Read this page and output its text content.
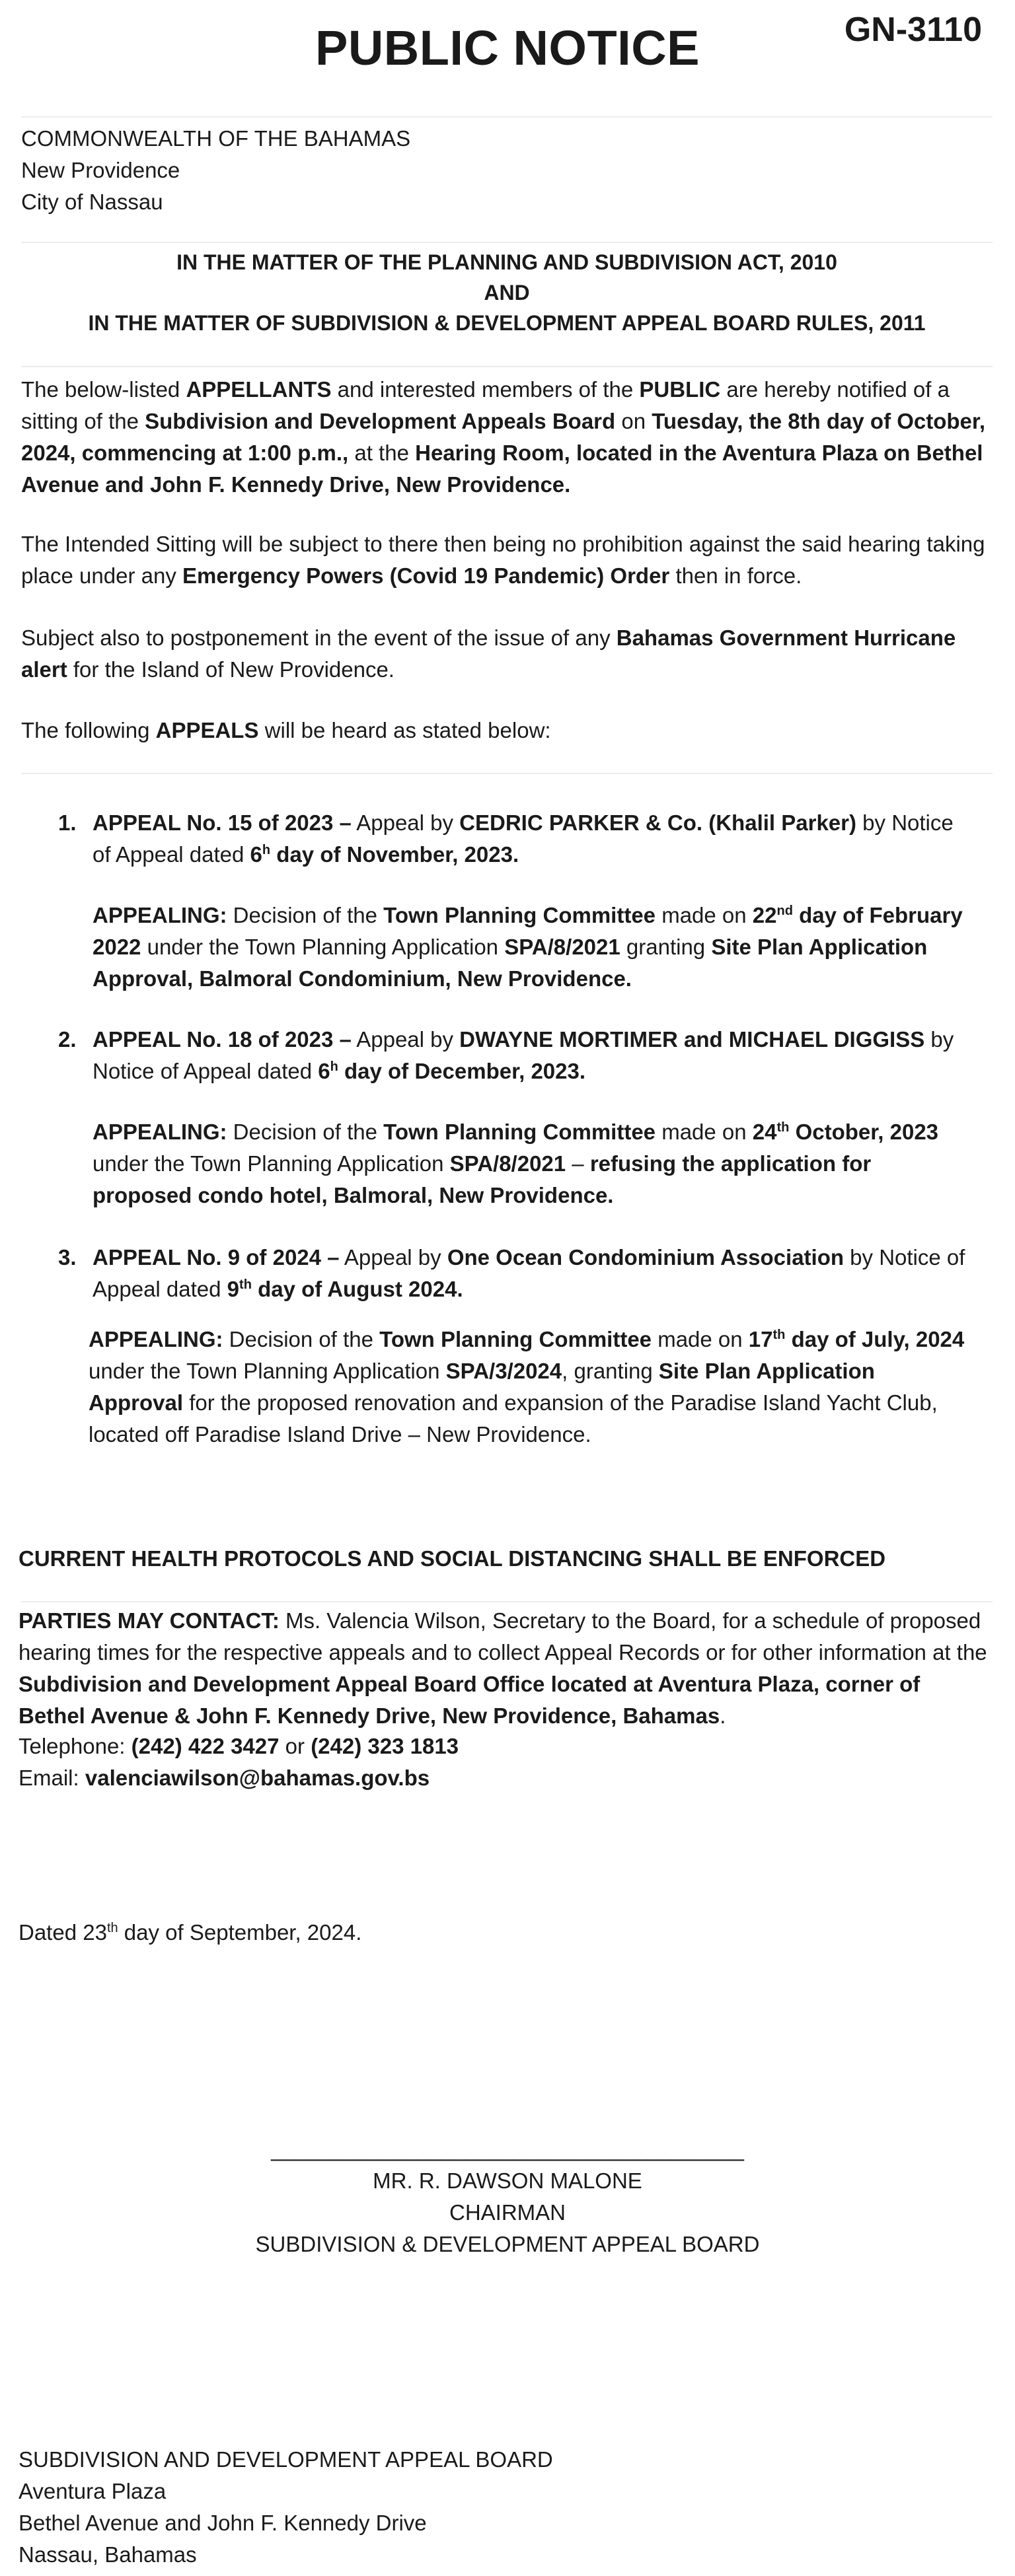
PUBLIC NOTICE	GN-3110
COMMONWEALTH OF THE BAHAMAS
New Providence
City of Nassau
IN THE MATTER OF THE PLANNING AND SUBDIVISION ACT, 2010
AND
IN THE MATTER OF SUBDIVISION & DEVELOPMENT APPEAL BOARD RULES, 2011
The below-listed APPELLANTS and interested members of the PUBLIC are hereby notified of a sitting of the Subdivision and Development Appeals Board on Tuesday, the 8th day of October, 2024, commencing at 1:00 p.m., at the Hearing Room, located in the Aventura Plaza on Bethel Avenue and John F. Kennedy Drive, New Providence.
The Intended Sitting will be subject to there then being no prohibition against the said hearing taking place under any Emergency Powers (Covid 19 Pandemic) Order then in force.
Subject also to postponement in the event of the issue of any Bahamas Government Hurricane alert for the Island of New Providence.
The following APPEALS will be heard as stated below:
1. APPEAL No. 15 of 2023 – Appeal by CEDRIC PARKER & Co. (Khalil Parker) by Notice of Appeal dated 6$^h$ day of November, 2023.
APPEALING: Decision of the Town Planning Committee made on 22nd day of February 2022 under the Town Planning Application SPA/8/2021 granting Site Plan Application Approval, Balmoral Condominium, New Providence.
2. APPEAL No. 18 of 2023 – Appeal by DWAYNE MORTIMER and MICHAEL DIGGISS by Notice of Appeal dated 6$^h$ day of December, 2023.
APPEALING: Decision of the Town Planning Committee made on 24th October, 2023 under the Town Planning Application SPA/8/2021 – refusing the application for proposed condo hotel, Balmoral, New Providence.
3. APPEAL No. 9 of 2024 – Appeal by One Ocean Condominium Association by Notice of Appeal dated 9th day of August 2024.
APPEALING: Decision of the Town Planning Committee made on 17th day of July, 2024 under the Town Planning Application SPA/3/2024, granting Site Plan Application Approval for the proposed renovation and expansion of the Paradise Island Yacht Club, located off Paradise Island Drive – New Providence.
CURRENT HEALTH PROTOCOLS AND SOCIAL DISTANCING SHALL BE ENFORCED
PARTIES MAY CONTACT: Ms. Valencia Wilson, Secretary to the Board, for a schedule of proposed hearing times for the respective appeals and to collect Appeal Records or for other information at the Subdivision and Development Appeal Board Office located at Aventura Plaza, corner of Bethel Avenue & John F. Kennedy Drive, New Providence, Bahamas.
Telephone: (242) 422 3427 or (242) 323 1813
Email: valenciawilson@bahamas.gov.bs
Dated 23th day of September, 2024.
_______________________________________
MR. R. DAWSON MALONE
CHAIRMAN
SUBDIVISION & DEVELOPMENT APPEAL BOARD
SUBDIVISION AND DEVELOPMENT APPEAL BOARD
Aventura Plaza
Bethel Avenue and John F. Kennedy Drive
Nassau, Bahamas
